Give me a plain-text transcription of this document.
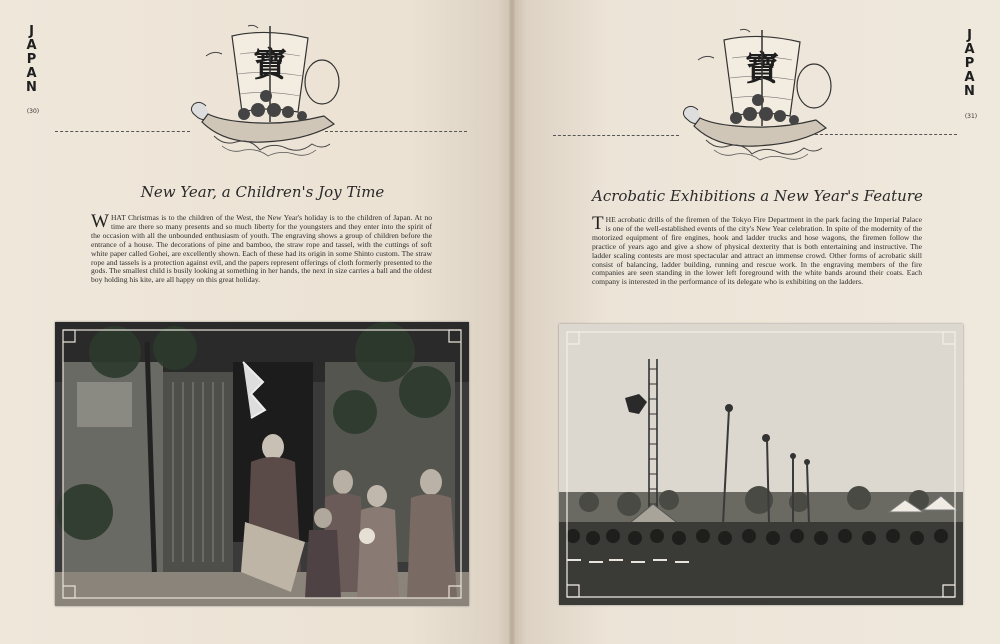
JAPAN
(30)
寶
New Year, a Children's Joy Time
WHAT Christmas is to the children of the West, the New Year's holiday is to the children of Japan. At no time are there so many presents and so much liberty for the youngsters and they enter into the spirit of the occasion with all the unbounded enthusiasm of youth. The engraving shows a group of children before the entrance of a house. The decorations of pine and bamboo, the straw rope and tassel, with the cuttings of soft white paper called Gohei, are excellently shown. Each of these had its origin in some Shinto custom. The straw rope and tassels is a protection against evil, and the papers represent offerings of cloth formerly presented to the gods. The smallest child is busily looking at something in her hands, the next in size carries a ball and the oldest boy holding his kite, are all happy on this great holiday.
JAPAN
(31)
寶
Acrobatic Exhibitions a New Year's Feature
THE acrobatic drills of the firemen of the Tokyo Fire Department in the park facing the Imperial Palace is one of the well-established events of the city's New Year celebration. In spite of the modernity of the motorized equipment of fire engines, hook and ladder trucks and hose wagons, the firemen follow the practice of years ago and give a show of physical dexterity that is both entertaining and instructive. The ladder scaling contests are most spectacular and attract an immense crowd. Other forms of acrobatic skill consist of balancing, ladder building, running and rescue work. In the engraving members of the fire companies are seen standing in the lower left foreground with the white bands around their coats. Each company is interested in the performance of its delegate who is exhibiting on the ladders.
